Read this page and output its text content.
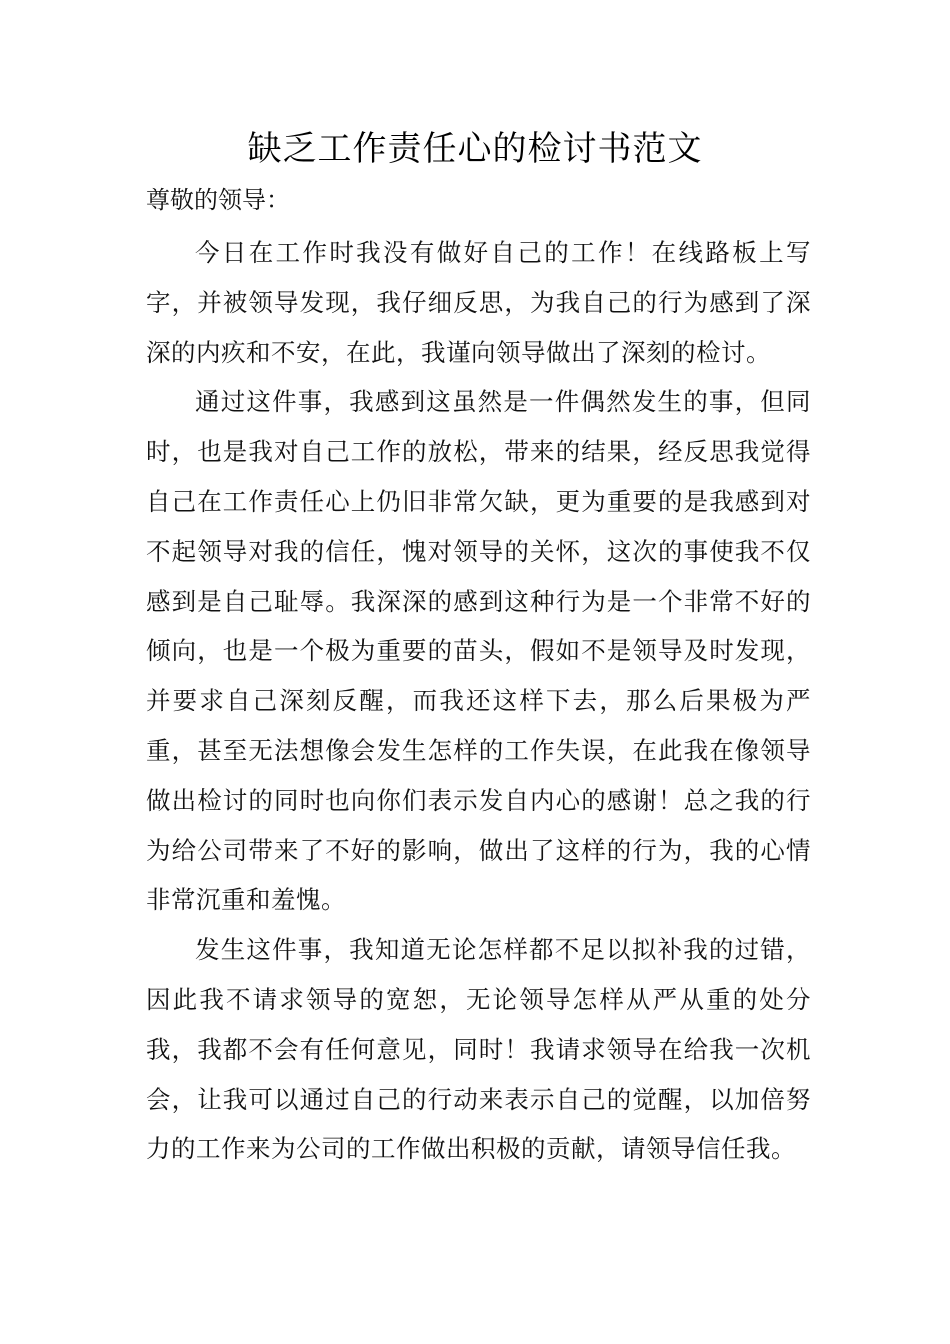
缺乏工作责任心的检讨书范文
尊敬的领导：

今日在工作时我没有做好自己的工作！在线路板上写字，并被领导发现，我仔细反思，为我自己的行为感到了深深的内疚和不安，在此，我谨向领导做出了深刻的检讨。

通过这件事，我感到这虽然是一件偶然发生的事，但同时，也是我对自己工作的放松，带来的结果，经反思我觉得自己在工作责任心上仍旧非常欠缺，更为重要的是我感到对不起领导对我的信任，愧对领导的关怀，这次的事使我不仅感到是自己耻辱。我深深的感到这种行为是一个非常不好的倾向，也是一个极为重要的苗头，假如不是领导及时发现，并要求自己深刻反醒，而我还这样下去，那么后果极为严重，甚至无法想像会发生怎样的工作失误，在此我在像领导做出检讨的同时也向你们表示发自内心的感谢！总之我的行为给公司带来了不好的影响，做出了这样的行为，我的心情非常沉重和羞愧。

发生这件事，我知道无论怎样都不足以拟补我的过错，因此我不请求领导的宽恕，无论领导怎样从严从重的处分我，我都不会有任何意见，同时！我请求领导在给我一次机会，让我可以通过自己的行动来表示自己的觉醒，以加倍努力的工作来为公司的工作做出积极的贡献，请领导信任我。
